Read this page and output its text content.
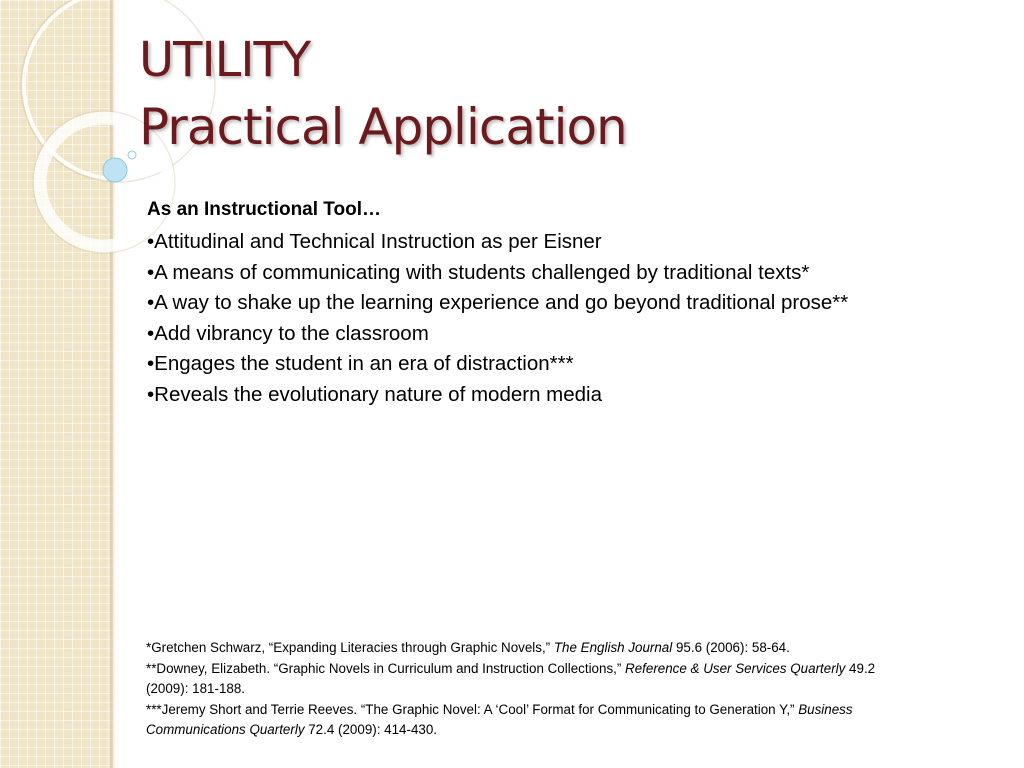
UTILITY
Practical Application
As an Instructional Tool…
•Attitudinal and Technical Instruction as per Eisner
•A means of communicating with students challenged by traditional texts*
•A way to shake up the learning experience and go beyond traditional prose**
•Add vibrancy to the classroom
•Engages the student in an era of distraction***
•Reveals the evolutionary nature of modern media

*Gretchen Schwarz, “Expanding Literacies through Graphic Novels,” The English Journal 95.6 (2006): 58-64.

**Downey, Elizabeth. “Graphic Novels in Curriculum and Instruction Collections,” Reference & User Services Quarterly 49.2 (2009): 181-188.

***Jeremy Short and Terrie Reeves. “The Graphic Novel: A ‘Cool’ Format for Communicating to Generation Y,” Business Communications Quarterly 72.4 (2009): 414-430.
